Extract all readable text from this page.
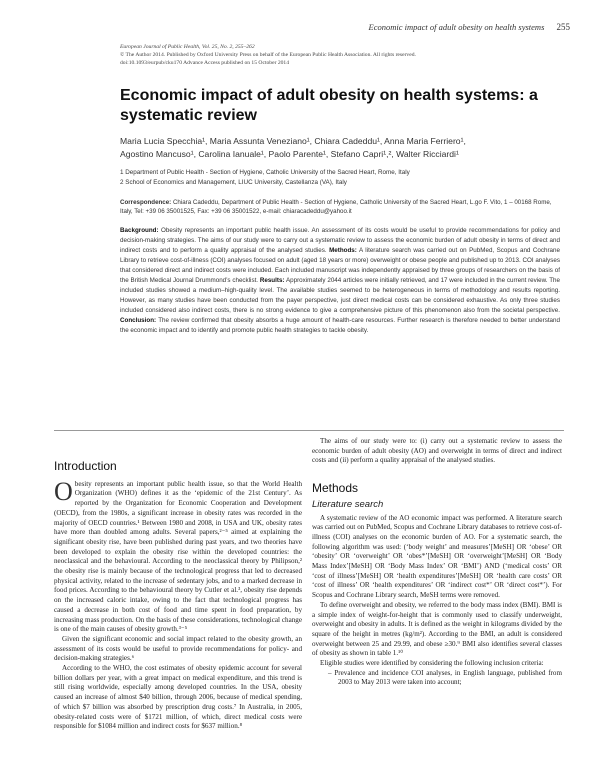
Economic impact of adult obesity on health systems 255
European Journal of Public Health, Vol. 25, No. 2, 255–262
© The Author 2014. Published by Oxford University Press on behalf of the European Public Health Association. All rights reserved.
doi:10.1093/eurpub/cku170 Advance Access published on 15 October 2014
Economic impact of adult obesity on health systems: a systematic review
Maria Lucia Specchia¹, Maria Assunta Veneziano¹, Chiara Cadeddu¹, Anna Maria Ferriero¹,
Agostino Mancuso¹, Carolina Ianuale¹, Paolo Parente¹, Stefano Capri¹,², Walter Ricciardi¹
1 Department of Public Health - Section of Hygiene, Catholic University of the Sacred Heart, Rome, Italy
2 School of Economics and Management, LIUC University, Castellanza (VA), Italy
Correspondence: Chiara Cadeddu, Department of Public Health - Section of Hygiene, Catholic University of the Sacred Heart, L.go F. Vito, 1 – 00168 Rome, Italy, Tel: +39 06 35001525, Fax: +39 06 35001522, e-mail: chiaracadeddu@yahoo.it
Background: Obesity represents an important public health issue. An assessment of its costs would be useful to provide recommendations for policy and decision-making strategies. The aims of our study were to carry out a systematic review to assess the economic burden of adult obesity in terms of direct and indirect costs and to perform a quality appraisal of the analysed studies. Methods: A literature search was carried out on PubMed, Scopus and Cochrane Library to retrieve cost-of-illness (COI) analyses focused on adult (aged 18 years or more) overweight or obese people and published up to 2013. COI analyses that considered direct and indirect costs were included. Each included manuscript was independently appraised by three groups of researchers on the basis of the British Medical Journal Drummond’s checklist. Results: Approximately 2044 articles were initially retrieved, and 17 were included in the current review. The included studies showed a medium–high-quality level. The available studies seemed to be heterogeneous in terms of methodology and results reporting. However, as many studies have been conducted from the payer perspective, just direct medical costs can be considered exhaustive. As only three studies included considered also indirect costs, there is no strong evidence to give a comprehensive picture of this phenomenon also from the societal perspective. Conclusion: The review confirmed that obesity absorbs a huge amount of health-care resources. Further research is therefore needed to better understand the economic impact and to identify and promote public health strategies to tackle obesity.
Introduction

Obesity represents an important public health issue, so that the World Health Organization (WHO) defines it as the ‘epidemic of the 21st Century’. As reported by the Organization for Economic Cooperation and Development (OECD), from the 1980s, a significant increase in obesity rates was recorded in the majority of OECD countries.¹ Between 1980 and 2008, in USA and UK, obesity rates have more than doubled among adults. Several papers,²⁻⁵ aimed at explaining the significant obesity rise, have been published during past years, and two theories have been developed to explain the obesity rise within the developed countries: the neoclassical and the behavioural. According to the neoclassical theory by Philipson,² the obesity rise is mainly because of the technological progress that led to decreased physical activity, related to the increase of sedentary jobs, and to a marked decrease in food prices. According to the behavioural theory by Cutler et al.³, obesity rise depends on the increased caloric intake, owing to the fact that technological progress has caused a decrease in both cost of food and time spent in food preparation, by increasing mass production. On the basis of these considerations, technological change is one of the main causes of obesity growth.³⁻⁵

Given the significant economic and social impact related to the obesity growth, an assessment of its costs would be useful to provide recommendations for policy- and decision-making strategies.⁶

According to the WHO, the cost estimates of obesity epidemic account for several billion dollars per year, with a great impact on medical expenditure, and this trend is still rising worldwide, especially among developed countries. In the USA, obesity caused an increase of almost $40 billion, through 2006, because of medical spending, of which $7 billion was absorbed by prescription drug costs.⁷ In Australia, in 2005, obesity-related costs were of $1721 million, of which, direct medical costs were responsible for $1084 million and indirect costs for $637 million.⁸

The aims of our study were to: (i) carry out a systematic review to assess the economic burden of adult obesity (AO) and overweight in terms of direct and indirect costs and (ii) perform a quality appraisal of the analysed studies.

Methods
Literature search

A systematic review of the AO economic impact was performed. A literature search was carried out on PubMed, Scopus and Cochrane Library databases to retrieve cost-of-illness (COI) analyses on the economic burden of AO. For a systematic search, the following algorithm was used: (‘body weight’ and measures’[MeSH] OR ‘obese’ OR ‘obesity’ OR ‘overweight’ OR ‘obes*’[MeSH] OR ‘overweight’[MeSH] OR ‘Body Mass Index’[MeSH] OR ‘Body Mass Index’ OR ‘BMI’) AND (‘medical costs’ OR ‘cost of illness’[MeSH] OR ‘health expenditures’[MeSH] OR ‘health care costs’ OR ‘cost of illness’ OR ‘health expenditures’ OR ‘indirect cost*’ OR ‘direct cost*’). For Scopus and Cochrane Library search, MeSH terms were removed.

To define overweight and obesity, we referred to the body mass index (BMI). BMI is a simple index of weight-for-height that is commonly used to classify underweight, overweight and obesity in adults. It is defined as the weight in kilograms divided by the square of the height in metres (kg/m²). According to the BMI, an adult is considered overweight between 25 and 29.99, and obese ≥30.⁹ BMI also identifies several classes of obesity as shown in table 1.¹⁰

Eligible studies were identified by considering the following inclusion criteria:

– Prevalence and incidence COI analyses, in English language, published from 2003 to May 2013 were taken into account;
